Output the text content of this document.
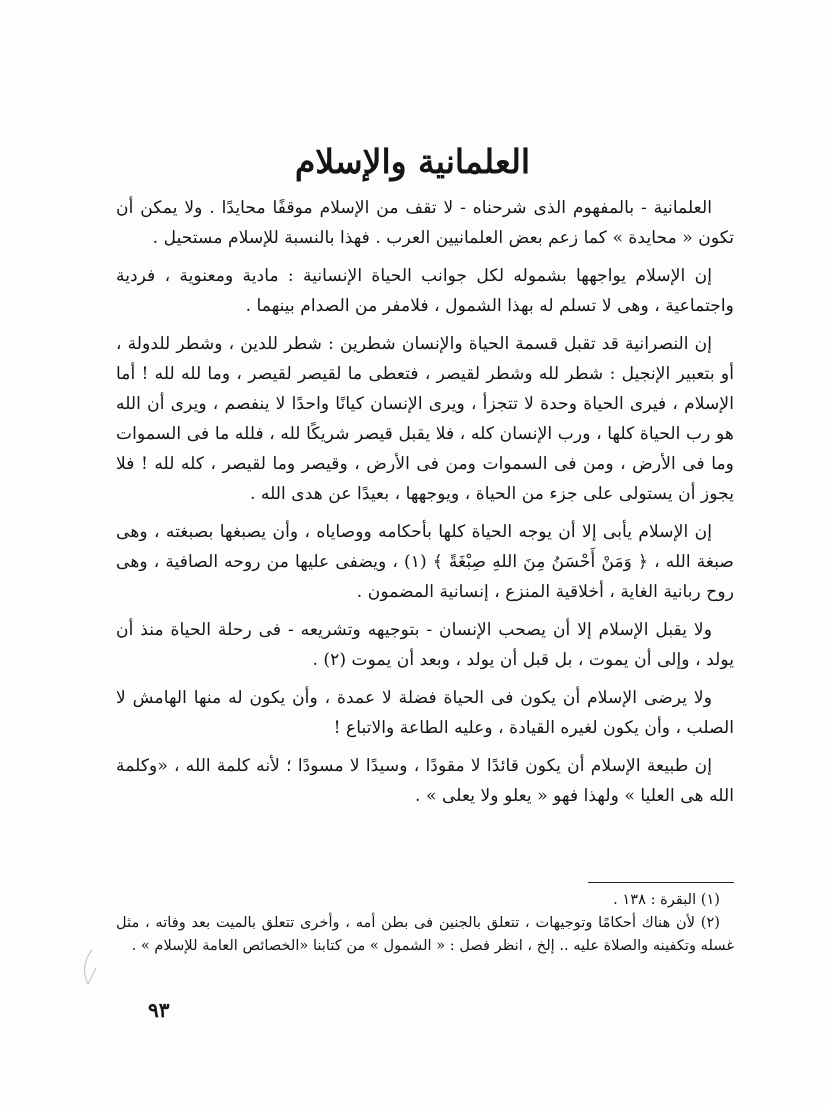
العلمانية والإسلام

العلمانية - بالمفهوم الذى شرحناه - لا تقف من الإسلام موقفًا محايدًا . ولا يمكن أن تكون « محايدة » كما زعم بعض العلمانيين العرب . فهذا بالنسبة للإسلام مستحيل .

إن الإسلام يواجهها بشموله لكل جوانب الحياة الإنسانية : مادية ومعنوية ، فردية واجتماعية ، وهى لا تسلم له بهذا الشمول ، فلامفر من الصدام بينهما .

إن النصرانية قد تقبل قسمة الحياة والإنسان شطرين : شطر للدين ، وشطر للدولة ، أو بتعبير الإنجيل : شطر لله وشطر لقيصر ، فتعطى ما لقيصر لقيصر ، وما لله لله ! أما الإسلام ، فيرى الحياة وحدة لا تتجزأ ، ويرى الإنسان كيانًا واحدًا لا ينفصم ، ويرى أن الله هو رب الحياة كلها ، ورب الإنسان كله ، فلا يقبل قيصر شريكًا لله ، فلله ما فى السموات وما فى الأرض ، ومن فى السموات ومن فى الأرض ، وقيصر وما لقيصر ، كله لله ! فلا يجوز أن يستولى على جزء من الحياة ، ويوجهها ، بعيدًا عن هدى الله .

إن الإسلام يأبى إلا أن يوجه الحياة كلها بأحكامه ووصاياه ، وأن يصبغها بصبغته ، وهى صبغة الله ، ﴿ وَمَنْ أَحْسَنُ مِنَ اللهِ صِبْغَةً ﴾ (١) ، ويضفى عليها من روحه الصافية ، وهى روح ربانية الغاية ، أخلاقية المنزع ، إنسانية المضمون .

ولا يقبل الإسلام إلا أن يصحب الإنسان - بتوجيهه وتشريعه - فى رحلة الحياة منذ أن يولد ، وإلى أن يموت ، بل قبل أن يولد ، وبعد أن يموت (٢) .

ولا يرضى الإسلام أن يكون فى الحياة فضلة لا عمدة ، وأن يكون له منها الهامش لا الصلب ، وأن يكون لغيره القيادة ، وعليه الطاعة والاتباع !

إن طبيعة الإسلام أن يكون قائدًا لا مقودًا ، وسيدًا لا مسودًا ؛ لأنه كلمة الله ، «وكلمة الله هى العليا » ولهذا فهو « يعلو ولا يعلى » .

(١) البقرة : ١٣٨ .

(٢) لأن هناك أحكامًا وتوجيهات ، تتعلق بالجنين فى بطن أمه ، وأخرى تتعلق بالميت بعد وفاته ، مثل غسله وتكفينه والصلاة عليه .. إلخ ، انظر فصل : « الشمول » من كتابنا «الخصائص العامة للإسلام » .

٩٣
